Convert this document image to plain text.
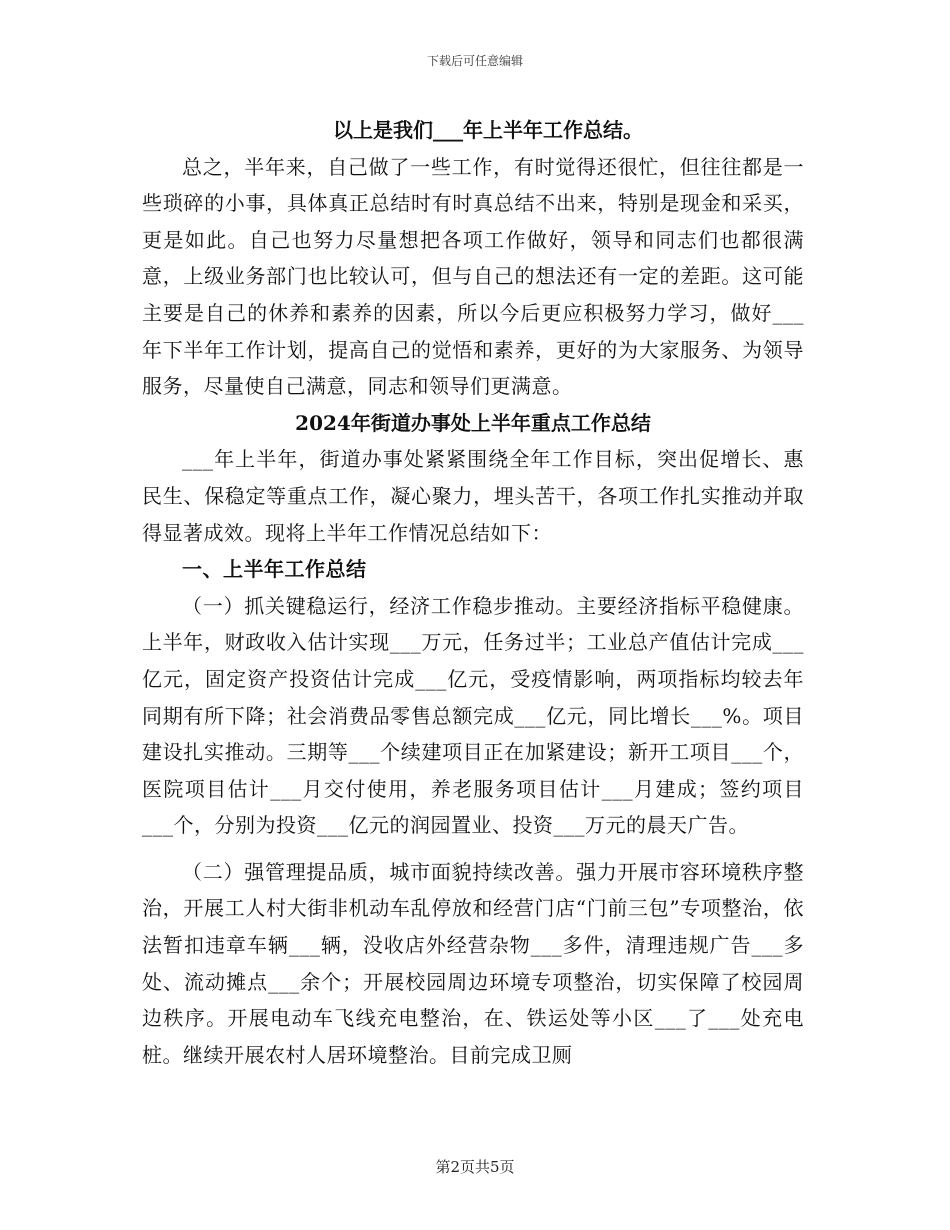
下载后可任意编辑

以上是我们___年上半年工作总结。

总之，半年来，自己做了一些工作，有时觉得还很忙，但往往都是一些琐碎的小事，具体真正总结时有时真总结不出来，特别是现金和采买，更是如此。自己也努力尽量想把各项工作做好，领导和同志们也都很满意，上级业务部门也比较认可，但与自己的想法还有一定的差距。这可能主要是自己的休养和素养的因素，所以今后更应积极努力学习，做好___年下半年工作计划，提高自己的觉悟和素养，更好的为大家服务、为领导服务，尽量使自己满意，同志和领导们更满意。

2024年街道办事处上半年重点工作总结

___年上半年，街道办事处紧紧围绕全年工作目标，突出促增长、惠民生、保稳定等重点工作，凝心聚力，埋头苦干，各项工作扎实推动并取得显著成效。现将上半年工作情况总结如下：

一、上半年工作总结

（一）抓关键稳运行，经济工作稳步推动。主要经济指标平稳健康。上半年，财政收入估计实现___万元，任务过半；工业总产值估计完成___亿元，固定资产投资估计完成___亿元，受疫情影响，两项指标均较去年同期有所下降；社会消费品零售总额完成___亿元，同比增长___%。项目建设扎实推动。三期等___个续建项目正在加紧建设；新开工项目___个，医院项目估计___月交付使用，养老服务项目估计___月建成；签约项目___个，分别为投资___亿元的润园置业、投资___万元的晨天广告。

（二）强管理提品质，城市面貌持续改善。强力开展市容环境秩序整治，开展工人村大街非机动车乱停放和经营门店“门前三包”专项整治，依法暂扣违章车辆___辆，没收店外经营杂物___多件，清理违规广告___多处、流动摊点___余个；开展校园周边环境专项整治，切实保障了校园周边秩序。开展电动车飞线充电整治，在、铁运处等小区___了___处充电桩。继续开展农村人居环境整治。目前完成卫厕

第2页共5页
